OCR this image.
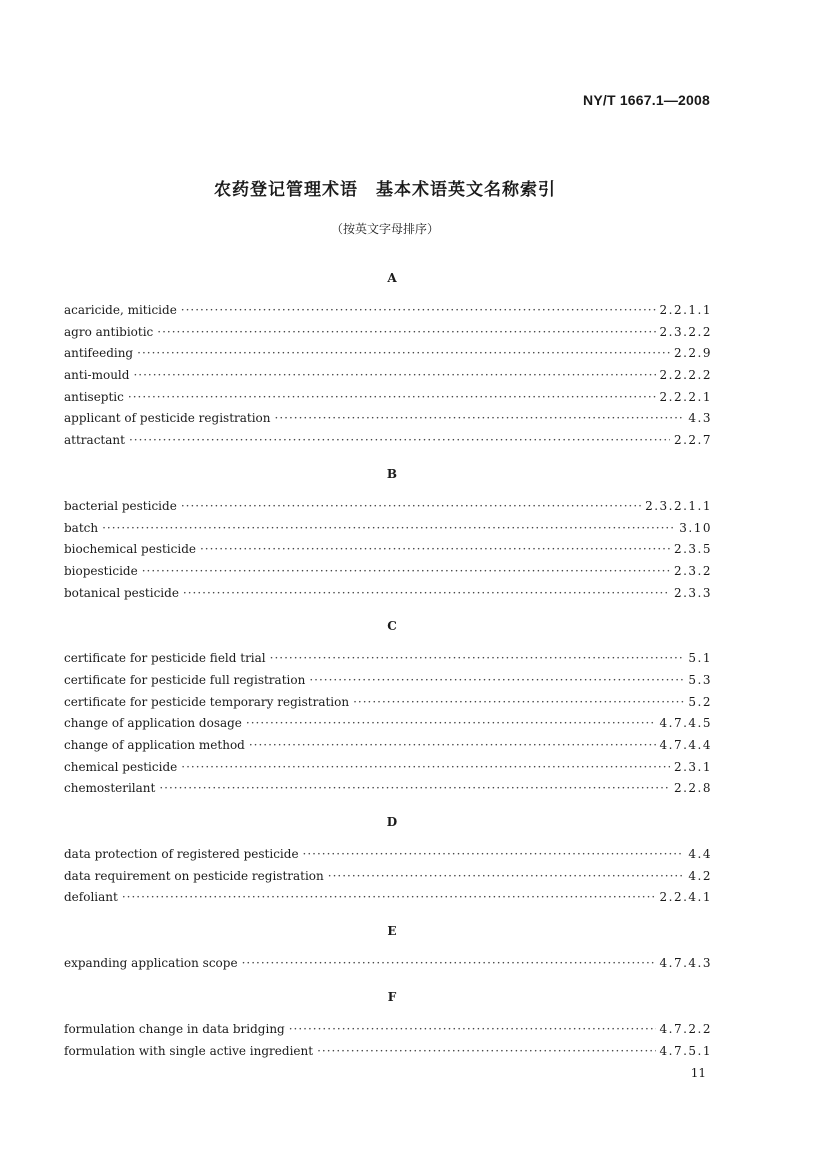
NY/T 1667.1—2008
农药登记管理术语　基本术语英文名称索引
（按英文字母排序）
A
acaricide, miticide ·····	2.2.1.1
agro antibiotic ·····	2.3.2.2
antifeeding ·····	2.2.9
anti-mould ·····	2.2.2.2
antiseptic ·····	2.2.2.1
applicant of pesticide registration ·····	4.3
attractant ·····	2.2.7
B
bacterial pesticide ·····	2.3.2.1.1
batch ·····	3.10
biochemical pesticide ·····	2.3.5
biopesticide ·····	2.3.2
botanical pesticide ·····	2.3.3
C
certificate for pesticide field trial ·····	5.1
certificate for pesticide full registration ·····	5.3
certificate for pesticide temporary registration ·····	5.2
change of application dosage ·····	4.7.4.5
change of application method ·····	4.7.4.4
chemical pesticide ·····	2.3.1
chemosterilant ·····	2.2.8
D
data protection of registered pesticide ·····	4.4
data requirement on pesticide registration ·····	4.2
defoliant ·····	2.2.4.1
E
expanding application scope ·····	4.7.4.3
F
formulation change in data bridging ·····	4.7.2.2
formulation with single active ingredient ·····	4.7.5.1
11
